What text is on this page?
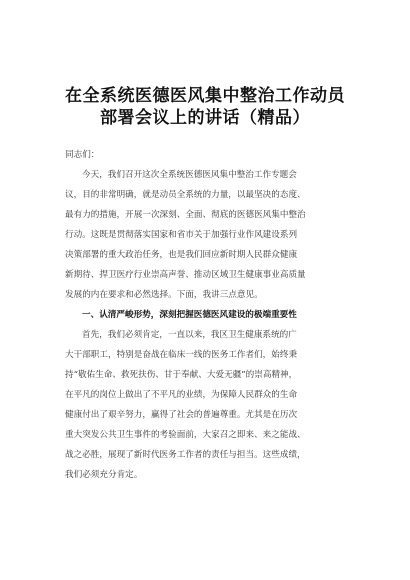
在全系统医德医风集中整治工作动员
部署会议上的讲话（精品）
同志们：
今天，我们召开这次全系统医德医风集中整治工作专题会
议，目的非常明确，就是动员全系统的力量，以最坚决的态度、
最有力的措施，开展一次深刻、全面、彻底的医德医风集中整治
行动。这既是贯彻落实国家和省市关于加强行业作风建设系列
决策部署的重大政治任务，也是我们回应新时期人民群众健康
新期待、捍卫医疗行业崇高声誉、推动区域卫生健康事业高质量
发展的内在要求和必然选择。下面，我讲三点意见。
一、认清严峻形势，深刻把握医德医风建设的极端重要性
首先，我们必须肯定，一直以来，我区卫生健康系统的广
大干部职工，特别是奋战在临床一线的医务工作者们，始终秉
持“敬佑生命、救死扶伤、甘于奉献、大爱无疆”的崇高精神，
在平凡的岗位上做出了不平凡的业绩，为保障人民群众的生命
健康付出了艰辛努力，赢得了社会的普遍尊重。尤其是在历次
重大突发公共卫生事件的考验面前，大家召之即来、来之能战、
战之必胜，展现了新时代医务工作者的责任与担当。这些成绩，
我们必须充分肯定。
